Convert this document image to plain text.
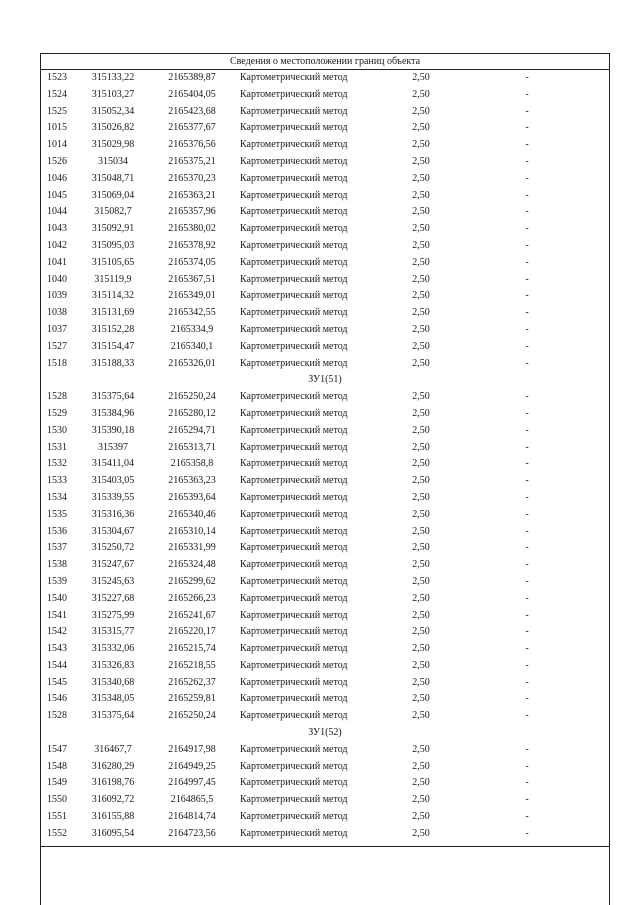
Сведения о местоположении границ объекта
1523	315133,22	2165389,87	Картометрический метод	2,50	-
1524	315103,27	2165404,05	Картометрический метод	2,50	-
1525	315052,34	2165423,68	Картометрический метод	2,50	-
1015	315026,82	2165377,67	Картометрический метод	2,50	-
1014	315029,98	2165376,56	Картометрический метод	2,50	-
1526	315034	2165375,21	Картометрический метод	2,50	-
1046	315048,71	2165370,23	Картометрический метод	2,50	-
1045	315069,04	2165363,21	Картометрический метод	2,50	-
1044	315082,7	2165357,96	Картометрический метод	2,50	-
1043	315092,91	2165380,02	Картометрический метод	2,50	-
1042	315095,03	2165378,92	Картометрический метод	2,50	-
1041	315105,65	2165374,05	Картометрический метод	2,50	-
1040	315119,9	2165367,51	Картометрический метод	2,50	-
1039	315114,32	2165349,01	Картометрический метод	2,50	-
1038	315131,69	2165342,55	Картометрический метод	2,50	-
1037	315152,28	2165334,9	Картометрический метод	2,50	-
1527	315154,47	2165340,1	Картометрический метод	2,50	-
1518	315188,33	2165326,01	Картометрический метод	2,50	-
ЗУ1(51)
1528	315375,64	2165250,24	Картометрический метод	2,50	-
1529	315384,96	2165280,12	Картометрический метод	2,50	-
1530	315390,18	2165294,71	Картометрический метод	2,50	-
1531	315397	2165313,71	Картометрический метод	2,50	-
1532	315411,04	2165358,8	Картометрический метод	2,50	-
1533	315403,05	2165363,23	Картометрический метод	2,50	-
1534	315339,55	2165393,64	Картометрический метод	2,50	-
1535	315316,36	2165340,46	Картометрический метод	2,50	-
1536	315304,67	2165310,14	Картометрический метод	2,50	-
1537	315250,72	2165331,99	Картометрический метод	2,50	-
1538	315247,67	2165324,48	Картометрический метод	2,50	-
1539	315245,63	2165299,62	Картометрический метод	2,50	-
1540	315227,68	2165266,23	Картометрический метод	2,50	-
1541	315275,99	2165241,67	Картометрический метод	2,50	-
1542	315315,77	2165220,17	Картометрический метод	2,50	-
1543	315332,06	2165215,74	Картометрический метод	2,50	-
1544	315326,83	2165218,55	Картометрический метод	2,50	-
1545	315340,68	2165262,37	Картометрический метод	2,50	-
1546	315348,05	2165259,81	Картометрический метод	2,50	-
1528	315375,64	2165250,24	Картометрический метод	2,50	-
ЗУ1(52)
1547	316467,7	2164917,98	Картометрический метод	2,50	-
1548	316280,29	2164949,25	Картометрический метод	2,50	-
1549	316198,76	2164997,45	Картометрический метод	2,50	-
1550	316092,72	2164865,5	Картометрический метод	2,50	-
1551	316155,88	2164814,74	Картометрический метод	2,50	-
1552	316095,54	2164723,56	Картометрический метод	2,50	-
